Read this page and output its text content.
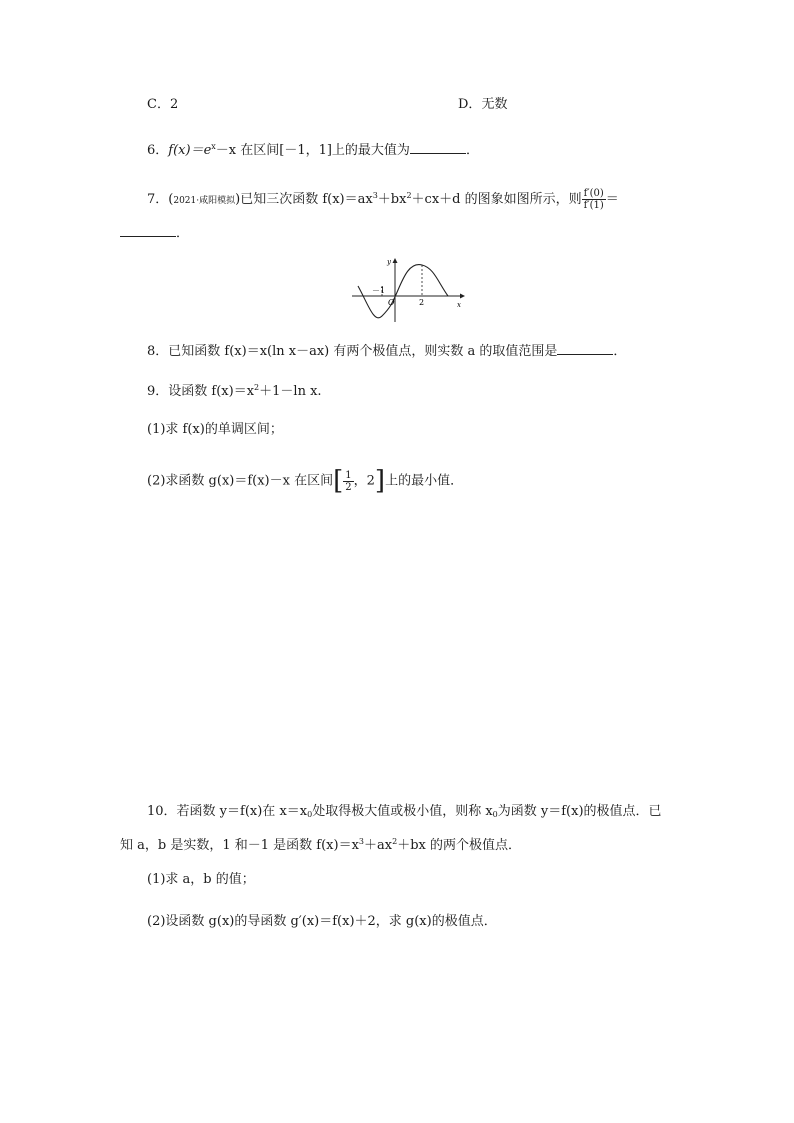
C．2	D．无数
6．$f(x)=e^x-x$ 在区间[－1，1]上的最大值为	．
7．(2021·咸阳模拟)已知三次函数 $f(x)=ax^3+bx^2+cx+d$ 的图象如图所示，则 $\frac{f'(0)}{f'(1)}$ ＝
．
y
x
O
－1
2
8．已知函数 f(x)＝x(ln x－ax) 有两个极值点，则实数 a 的取值范围是	．
9．设函数 $f(x)=x^2+1-\ln$ x.
(1)求 f(x)的单调区间；
(2)求函数 g(x)＝f(x)－x 在区间[ $\frac{1}{2}$ ，2]上的最小值．
10．若函数 y＝f(x)在 $x=x_0$处取得极大值或极小值，则称 $x_0$为函数 y＝f(x)的极值点．已
知 a，b 是实数，1 和－1 是函数 $f(x)=x^3+ax^2+bx$ 的两个极值点．
(1)求 a，b 的值；
(2)设函数 g(x)的导函数 g′(x)＝f(x)＋2，求 g(x)的极值点．
